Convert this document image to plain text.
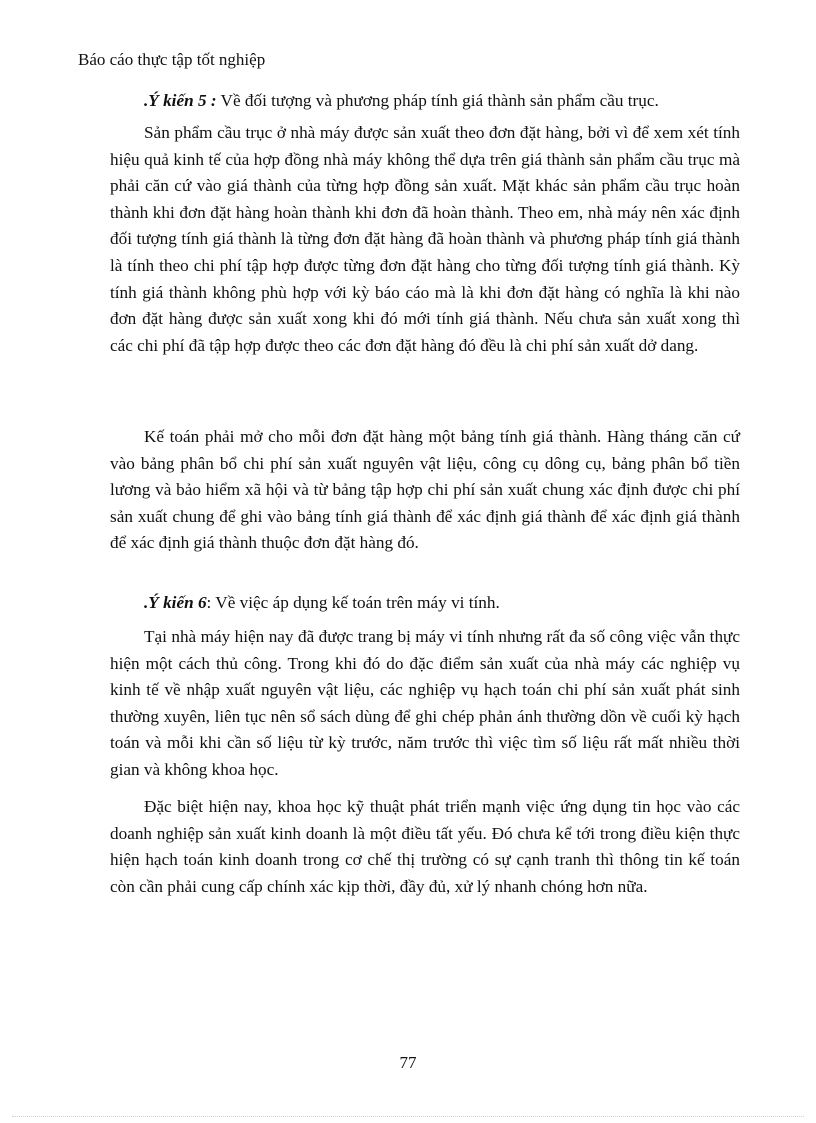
Báo cáo thực tập tốt nghiệp
.Ý kiến 5 : Về đối tượng và phương pháp tính giá thành sản phẩm cầu trục.
Sản phẩm cầu trục ở nhà máy được sản xuất theo đơn đặt hàng, bởi vì để xem xét tính hiệu quả kinh tế của hợp đồng nhà máy không thể dựa trên giá thành sản phẩm cầu trục mà phải căn cứ vào giá thành của từng hợp đồng sản xuất. Mặt khác sản phẩm cầu trục hoàn thành khi đơn đặt hàng hoàn thành khi đơn đã hoàn thành. Theo em, nhà máy nên xác định đối tượng tính giá thành là từng đơn đặt hàng đã hoàn thành và phương pháp tính giá thành là tính theo chi phí tập hợp được từng đơn đặt hàng cho từng đối tượng tính giá thành. Kỳ tính giá thành không phù hợp với kỳ báo cáo mà là khi đơn đặt hàng có nghĩa là khi nào đơn đặt hàng được sản xuất xong khi đó mới tính giá thành. Nếu chưa sản xuất xong thì các chi phí đã tập hợp được theo các đơn đặt hàng đó đều là chi phí sản xuất dở dang.
Kế toán phải mở cho mỗi đơn đặt hàng một bảng tính giá thành. Hàng tháng căn cứ vào bảng phân bổ chi phí sản xuất nguyên vật liệu, công cụ dông cụ, bảng phân bổ tiền lương và bảo hiểm xã hội và từ bảng tập hợp chi phí sản xuất chung xác định được chi phí sản xuất chung để ghi vào bảng tính giá thành để xác định giá thành để xác định giá thành để xác định giá thành thuộc đơn đặt hàng đó.
.Ý kiến 6: Về việc áp dụng kế toán trên máy vi tính.
Tại nhà máy hiện nay đã được trang bị máy vi tính nhưng rất đa số công việc vẫn thực hiện một cách thủ công. Trong khi đó do đặc điểm sản xuất của nhà máy các nghiệp vụ kinh tế về nhập xuất nguyên vật liệu, các nghiệp vụ hạch toán chi phí sản xuất phát sinh thường xuyên, liên tục nên sổ sách dùng để ghi chép phản ánh thường dồn về cuối kỳ hạch toán và mỗi khi cần số liệu từ kỳ trước, năm trước thì việc tìm số liệu rất mất nhiều thời gian và không khoa học.
Đặc biệt hiện nay, khoa học kỹ thuật phát triển mạnh việc ứng dụng tin học vào các doanh nghiệp sản xuất kinh doanh là một điều tất yếu. Đó chưa kể tới trong điều kiện thực hiện hạch toán kinh doanh trong cơ chế thị trường có sự cạnh tranh thì thông tin kế toán còn cần phải cung cấp chính xác kịp thời, đầy đủ, xử lý nhanh chóng hơn nữa.
77
